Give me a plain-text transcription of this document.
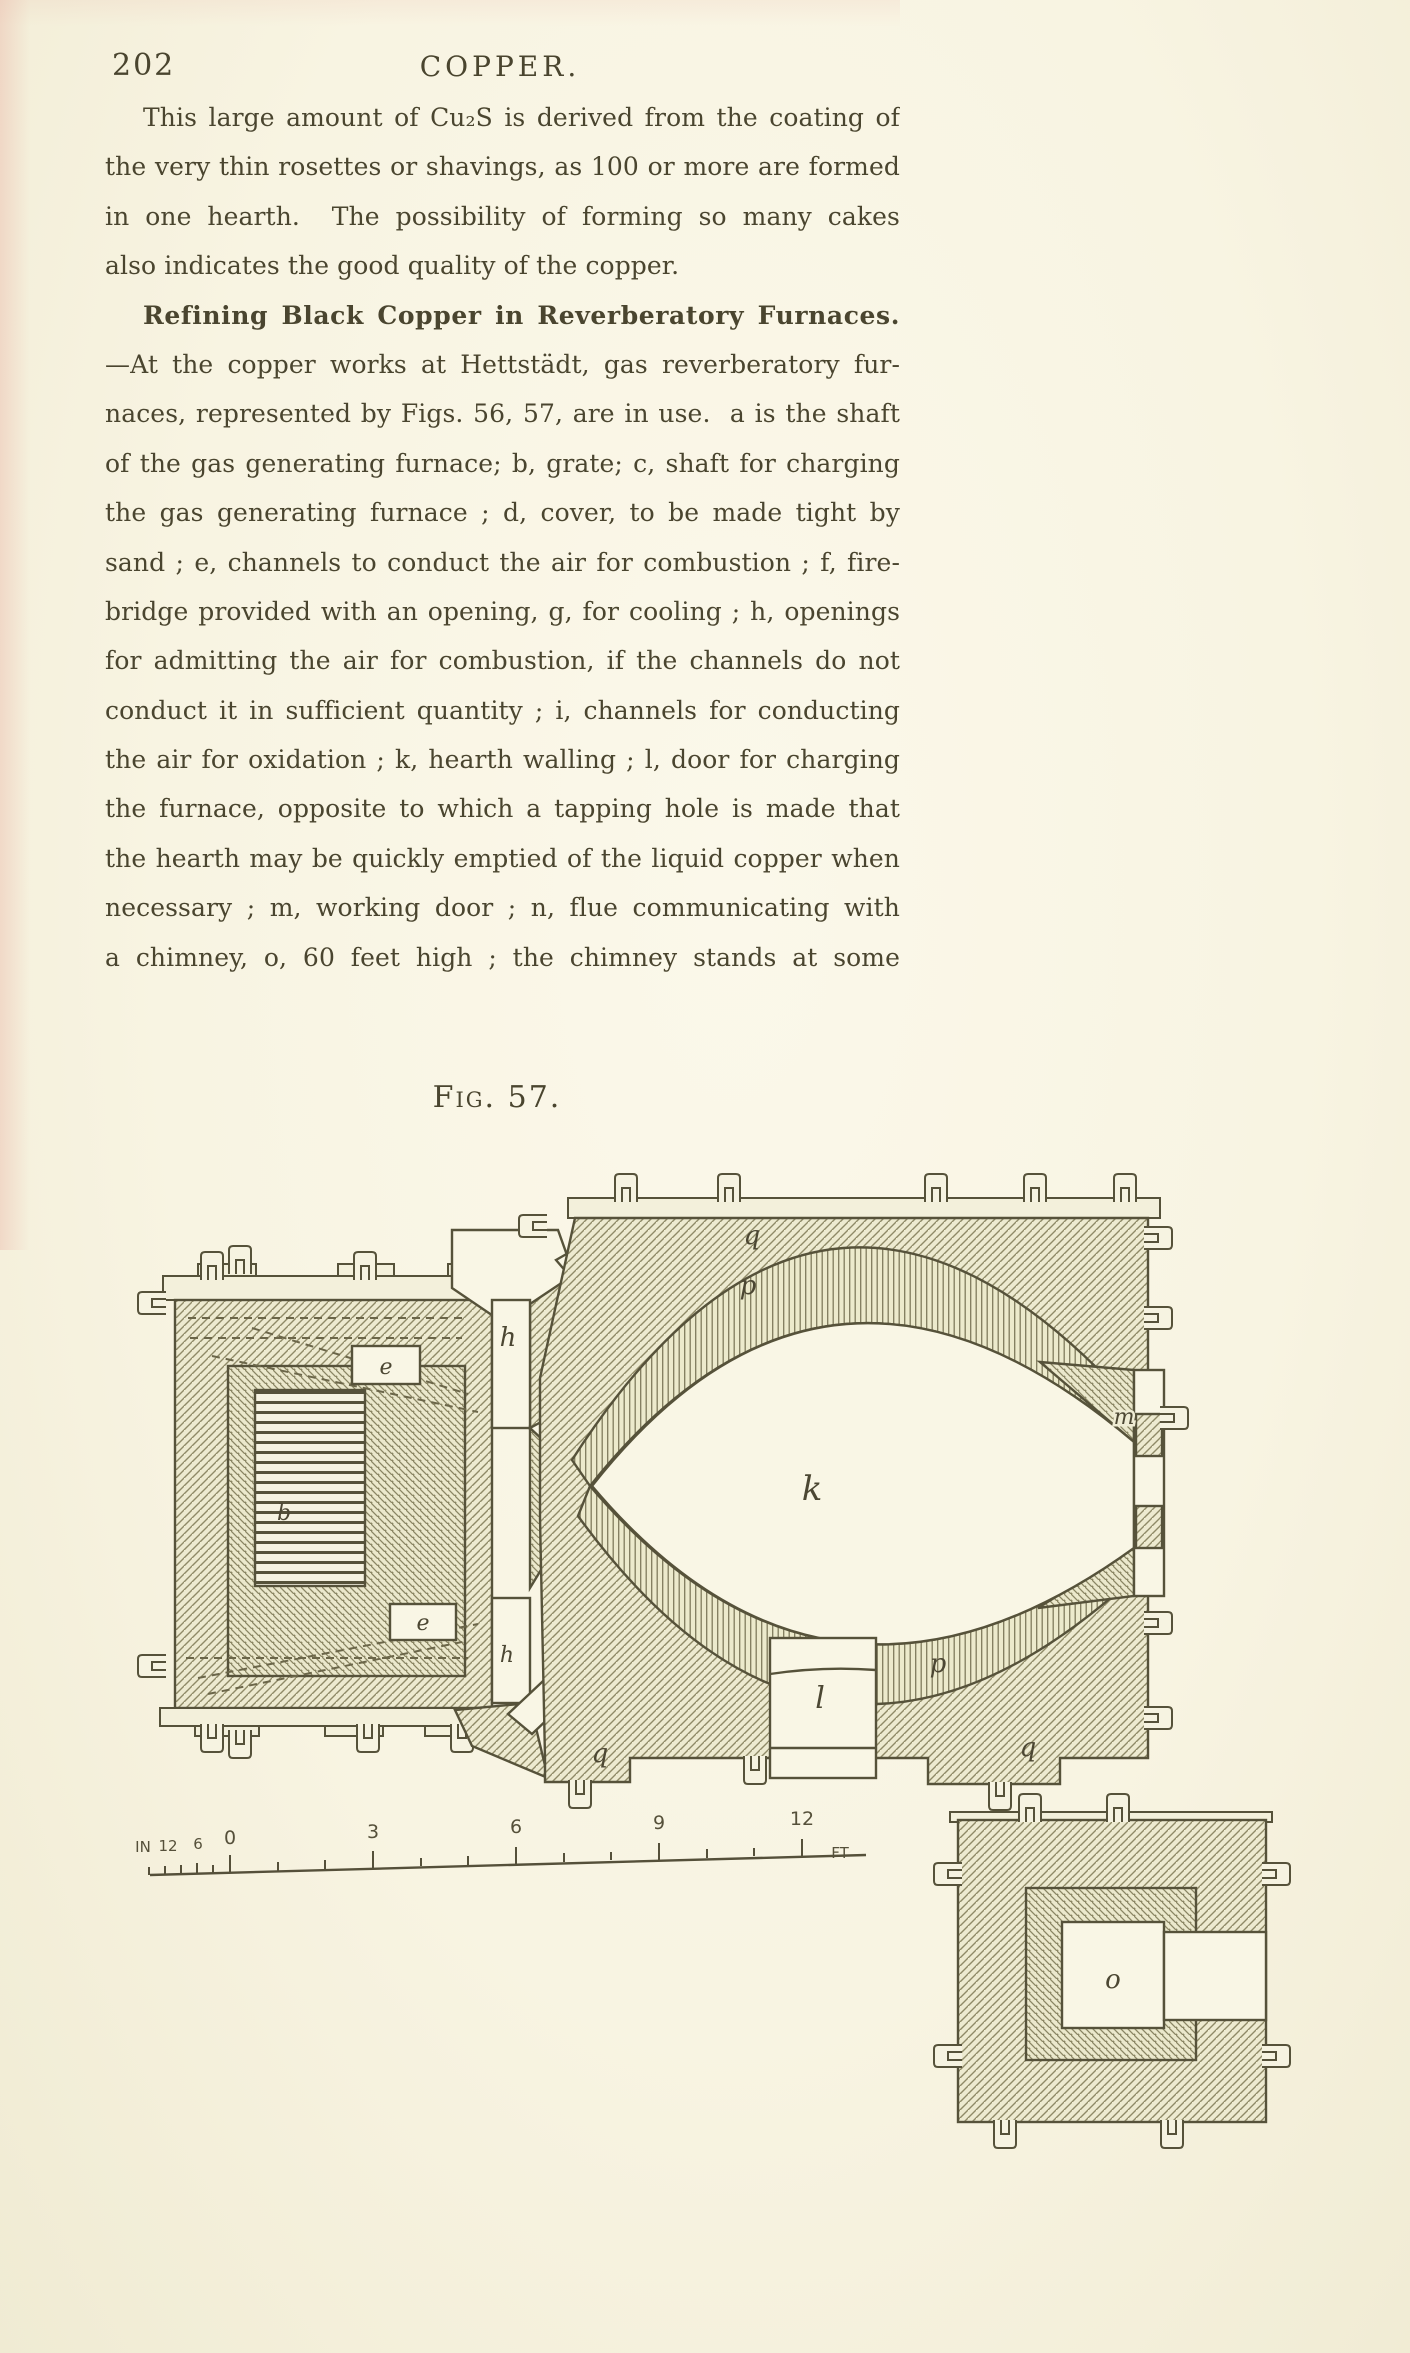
202	COPPER.
This large amount of Cu₂S is derived from the coating of
the very thin rosettes or shavings, as 100 or more are formed
in one hearth.  The possibility of forming so many cakes
also indicates the good quality of the copper.
Refining Black Copper in Reverberatory Furnaces.
—At the copper works at Hettstädt, gas reverberatory fur-
naces, represented by Figs. 56, 57, are in use.  a is the shaft
of the gas generating furnace; b, grate; c, shaft for charging
the gas generating furnace ; d, cover, to be made tight by
sand ; e, channels to conduct the air for combustion ; f, fire-
bridge provided with an opening, g, for cooling ; h, openings
for admitting the air for combustion, if the channels do not
conduct it in sufficient quantity ; i, channels for conducting
the air for oxidation ; k, hearth walling ; l, door for charging
the furnace, opposite to which a tapping hole is made that
the hearth may be quickly emptied of the liquid copper when
necessary ; m, working door ; n, flue communicating with
a chimney, o, 60 feet high ; the chimney stands at some
Fig. 57.
e
e
b
h
h
q
p
k
m
q
l
p
q
o
IN 12 6 0	3	6	9	12
FT
